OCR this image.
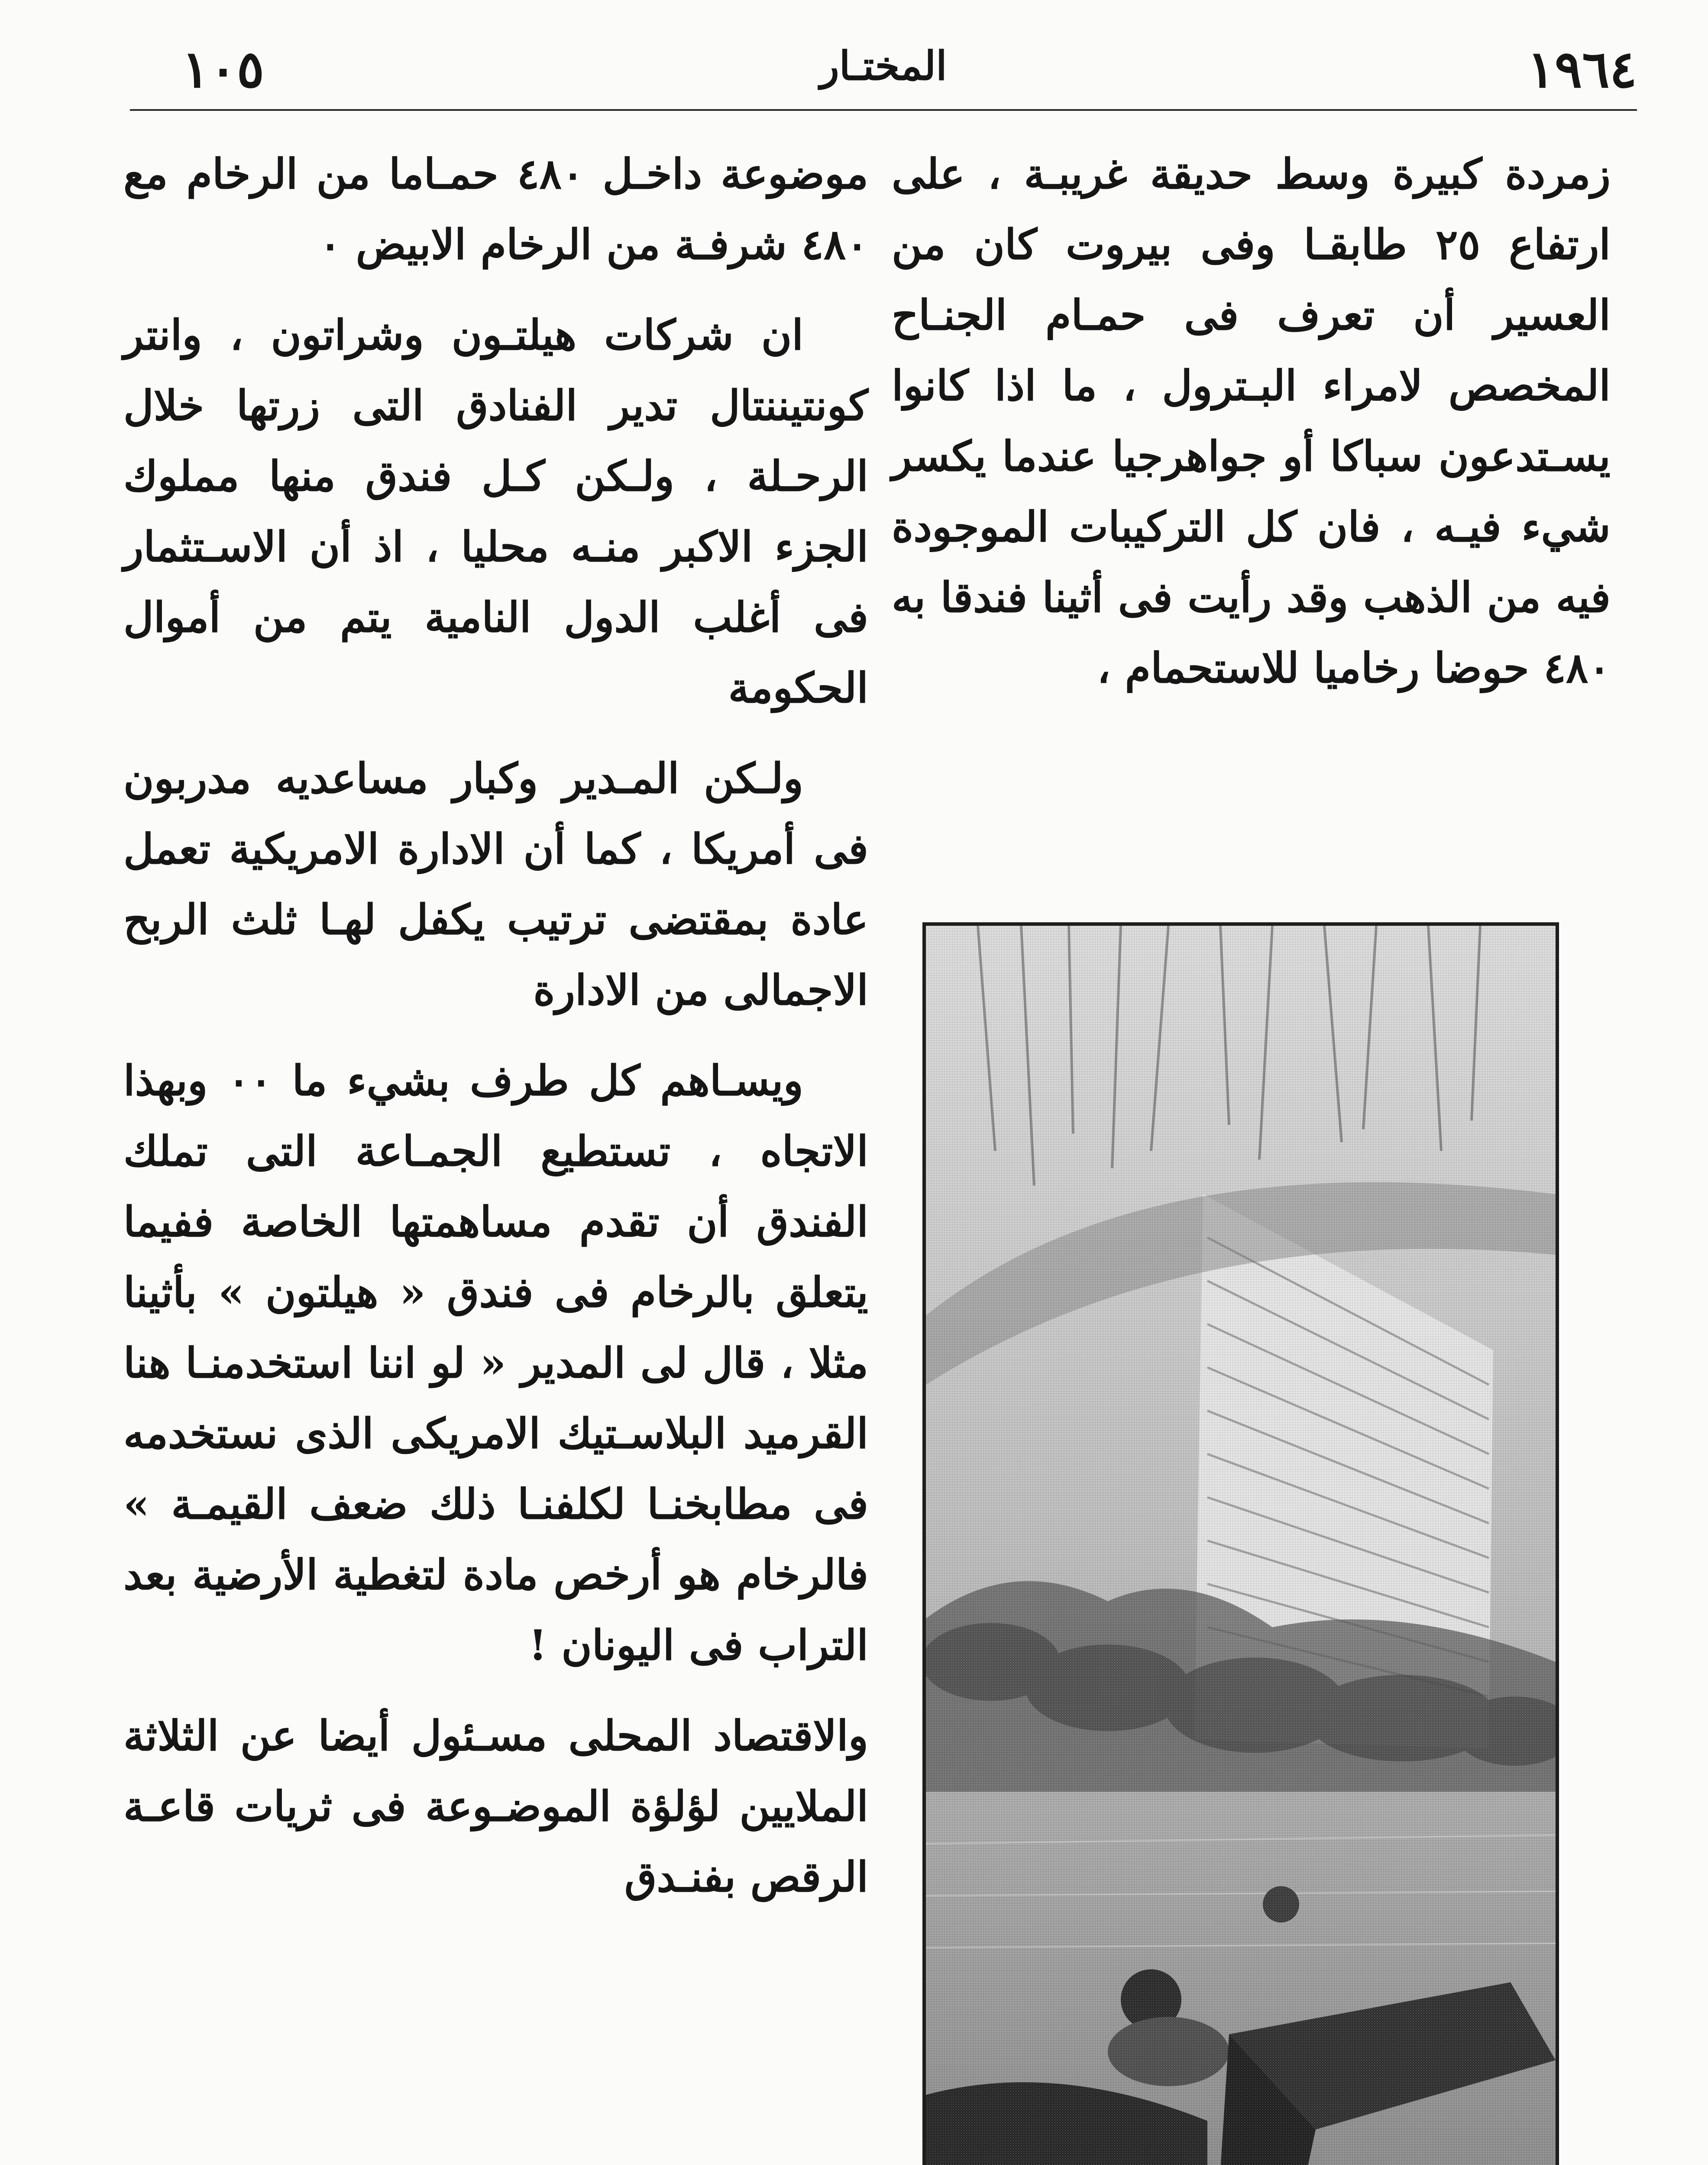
١٩٦٤
المختـار
١٠٥

زمردة كبيرة وسط حديقة غريبـة ، على ارتفاع ٢٥ طابقـا وفى بيروت كان من العسير أن تعرف فى حمـام الجنـاح المخصص لامراء البـترول ، ما اذا كانوا يسـتدعون سباكا أو جواهرجيا عندما يكسر شيء فيـه ، فان كل التركيبات الموجودة فيه من الذهب وقد رأيت فى أثينا فندقا به ٤٨٠ حوضا رخاميا للاستحمام ،

موضوعة داخـل ٤٨٠ حمـاما من الرخام مع ٤٨٠ شرفـة من الرخام الابيض ٠

ان شركات هيلتـون وشراتون ، وانتر كونتيننتال تدير الفنادق التى زرتها خلال الرحـلة ، ولـكن كـل فندق منها مملوك الجزء الاكبر منـه محليا ، اذ أن الاسـتثمار فى أغلب الدول النامية يتم من أموال الحكومة

ولـكن المـدير وكبار مساعديه مدربون فى أمريكا ، كما أن الادارة الامريكية تعمل عادة بمقتضى ترتيب يكفل لهـا ثلث الربح الاجمالى من الادارة

ويسـاهم كل طرف بشيء ما ٠٠ وبهذا الاتجاه ، تستطيع الجمـاعة التى تملك الفندق أن تقدم مساهمتها الخاصة ففيما يتعلق بالرخام فى فندق « هيلتون » بأثينا مثلا ، قال لى المدير « لو اننا استخدمنـا هنا القرميد البلاسـتيك الامريكى الذى نستخدمه فى مطابخنـا لكلفنـا ذلك ضعف القيمـة » فالرخام هو أرخص مادة لتغطية الأرضية بعد التراب فى اليونان !

والاقتصاد المحلى مسـئول أيضا عن الثلاثة الملايين لؤلؤة الموضـوعة فى ثريات قاعـة الرقص بفنـدق
